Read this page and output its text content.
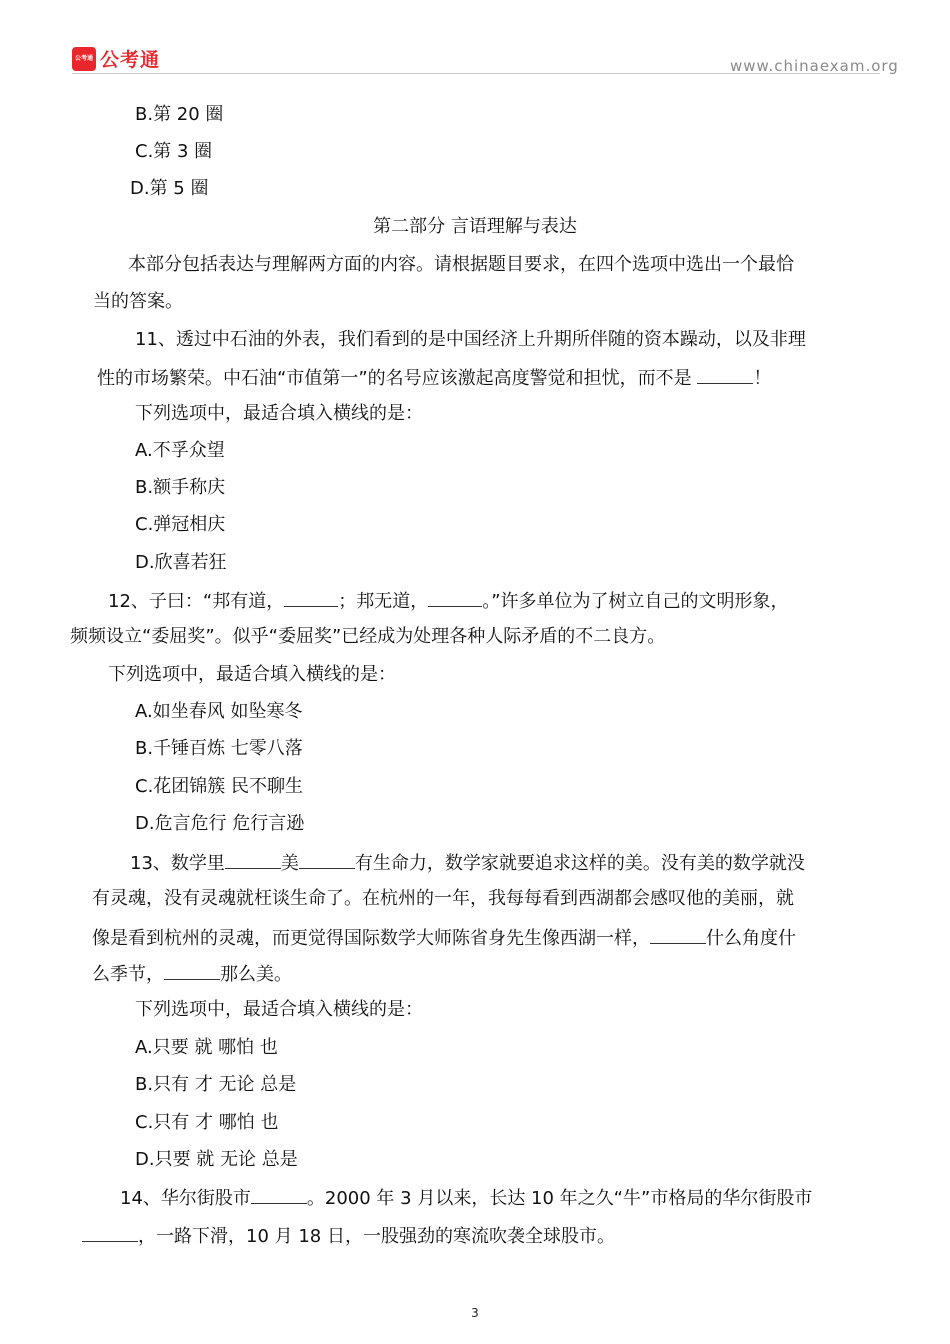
公考通 公考通	www.chinaexam.org
B.第 20 圈
C.第 3 圈
D.第 5 圈
第二部分 言语理解与表达
本部分包括表达与理解两方面的内容。请根据题目要求，在四个选项中选出一个最恰
当的答案。
11、透过中石油的外表，我们看到的是中国经济上升期所伴随的资本躁动，以及非理
性的市场繁荣。中石油“市值第一”的名号应该激起高度警觉和担忧，而不是	！
下列选项中，最适合填入横线的是：
A.不孚众望
B.额手称庆
C.弹冠相庆
D.欣喜若狂
12、子曰：“邦有道，	；邦无道，	。”许多单位为了树立自己的文明形象，
频频设立“委屈奖”。似乎“委屈奖”已经成为处理各种人际矛盾的不二良方。
下列选项中，最适合填入横线的是：
A.如坐春风 如坠寒冬
B.千锤百炼 七零八落
C.花团锦簇 民不聊生
D.危言危行 危行言逊
13、数学里	美	有生命力，数学家就要追求这样的美。没有美的数学就没
有灵魂，没有灵魂就枉谈生命了。在杭州的一年，我每每看到西湖都会感叹他的美丽，就
像是看到杭州的灵魂，而更觉得国际数学大师陈省身先生像西湖一样，	什么角度什
么季节，	那么美。
下列选项中，最适合填入横线的是：
A.只要 就 哪怕 也
B.只有 才 无论 总是
C.只有 才 哪怕 也
D.只要 就 无论 总是
14、华尔街股市	。2000 年 3 月以来，长达 10 年之久“牛”市格局的华尔街股市
，一路下滑，10 月 18 日，一股强劲的寒流吹袭全球股市。
3
